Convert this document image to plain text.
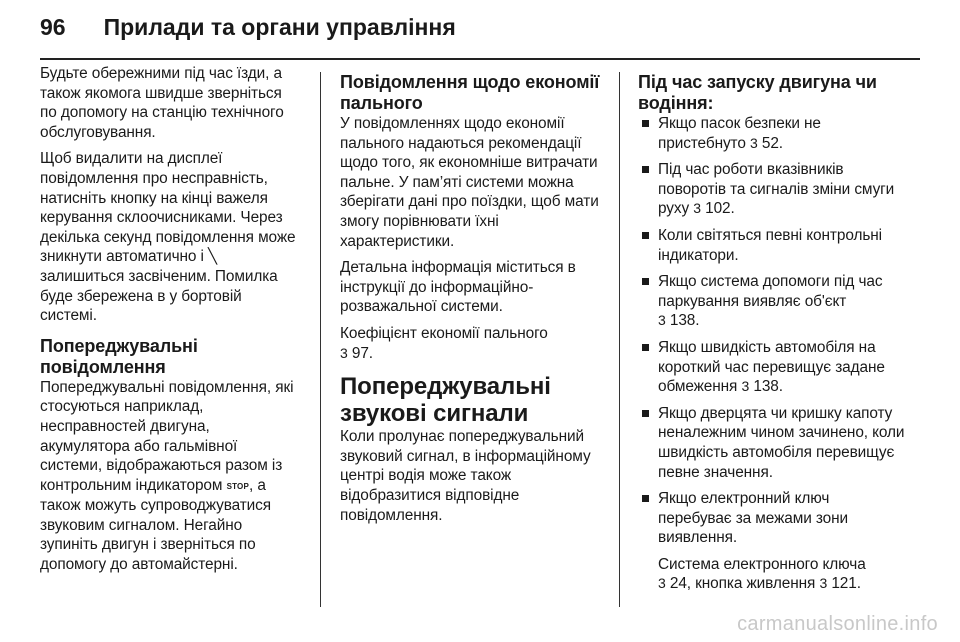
96 Прилади та органи управління

Будьте обережними під час їзди, а також якомога швидше зверніться по допомогу на станцію технічного обслуговування.

Щоб видалити на дисплеї повідомлення про несправність, натисніть кнопку на кінці важеля керування склоочисниками. Через декілька секунд повідомлення може зникнути автоматично і ╲ залишиться засвіченим. Помилка буде збережена в у бортовій системі.

Попереджувальні повідомлення

Попереджувальні повідомлення, які стосуються наприклад, несправностей двигуна, акумулятора або гальмівної системи, відображаються разом із контрольним індикатором STOP, а також можуть супроводжуватися звуковим сигналом. Негайно зупиніть двигун і зверніться по допомогу до автомайстерні.

Повідомлення щодо економії пального

У повідомленнях щодо економії пального надаються рекомендації щодо того, як економніше витрачати пальне. У пам’яті системи можна зберігати дані про поїздки, щоб мати змогу порівнювати їхні характеристики.

Детальна інформація міститься в інструкції до інформаційно-розважальної системи.

Коефіцієнт економії пального
3 97.

Попереджувальні звукові сигнали

Коли пролунає попереджувальний звуковий сигнал, в інформаційному центрі водія може також відобразитися відповідне повідомлення.

Під час запуску двигуна чи водіння:
Якщо пасок безпеки не пристебнуто 3 52.
Під час роботи вказівників поворотів та сигналів зміни смуги руху 3 102.
Коли світяться певні контрольні індикатори.
Якщо система допомоги під час паркування виявляє об'єкт
3 138.
Якщо швидкість автомобіля на короткий час перевищує задане обмеження 3 138.
Якщо дверцята чи кришку капоту неналежним чином зачинено, коли швидкість автомобіля перевищує певне значення.
Якщо електронний ключ перебуває за межами зони виявлення.
Система електронного ключа
3 24, кнопка живлення 3 121.
carmanualsonline.info
